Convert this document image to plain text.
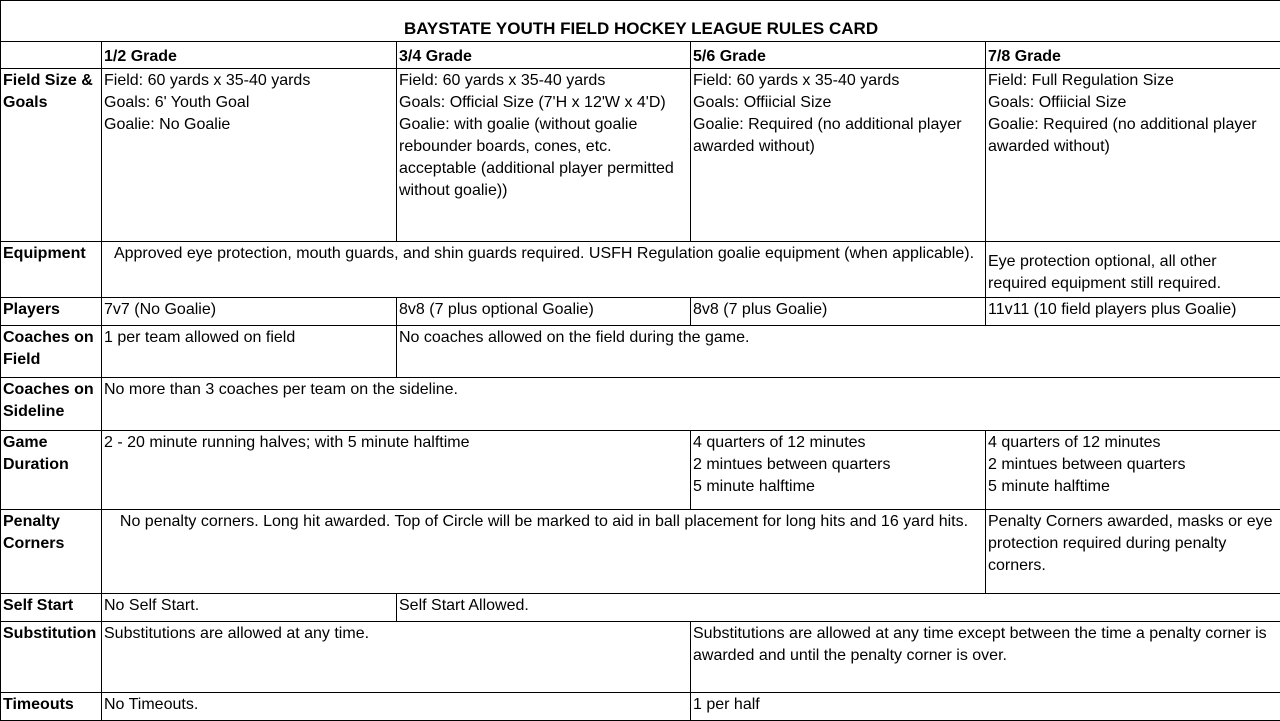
BAYSTATE YOUTH FIELD HOCKEY LEAGUE RULES CARD				
	1/2 Grade	3/4 Grade	5/6 Grade	7/8 Grade
Field Size & Goals	Field: 60 yards x 35-40 yards
Goals: 6' Youth Goal
Goalie: No Goalie	Field: 60 yards x 35-40 yards
Goals: Official Size (7'H x 12'W x 4'D)
Goalie: with goalie (without goalie rebounder boards, cones, etc. acceptable (additional player permitted without goalie))	Field: 60 yards x 35-40 yards
Goals: Offiicial Size
Goalie: Required (no additional player awarded without)	Field: Full Regulation Size
Goals: Offiicial Size
Goalie: Required (no additional player awarded without)

Equipment	Approved eye protection, mouth guards, and shin guards required. USFH Regulation goalie equipment (when applicable).			Eye protection optional, all other required equipment still required.
Players	7v7 (No Goalie)	8v8 (7 plus optional Goalie)	8v8 (7 plus Goalie)	11v11 (10 field players plus Goalie)
Coaches on Field	1 per team allowed on field	No coaches allowed on the field during the game.		
Coaches on Sideline	No more than 3 coaches per team on the sideline.			
Game Duration	2 - 20 minute running halves; with 5 minute halftime		4 quarters of 12 minutes
2 mintues between quarters
5 minute halftime	4 quarters of 12 minutes
2 mintues between quarters
5 minute halftime

Penalty Corners	No penalty corners. Long hit awarded. Top of Circle will be marked to aid in ball placement for long hits and 16 yard hits.			Penalty Corners awarded, masks or eye protection required during penalty corners.
Self Start	No Self Start.	Self Start Allowed.		
Substitution	Substitutions are allowed at any time.		Substitutions are allowed at any time except between the time a penalty corner is awarded and until the penalty corner is over.	
Timeouts	No Timeouts.		1 per half	
